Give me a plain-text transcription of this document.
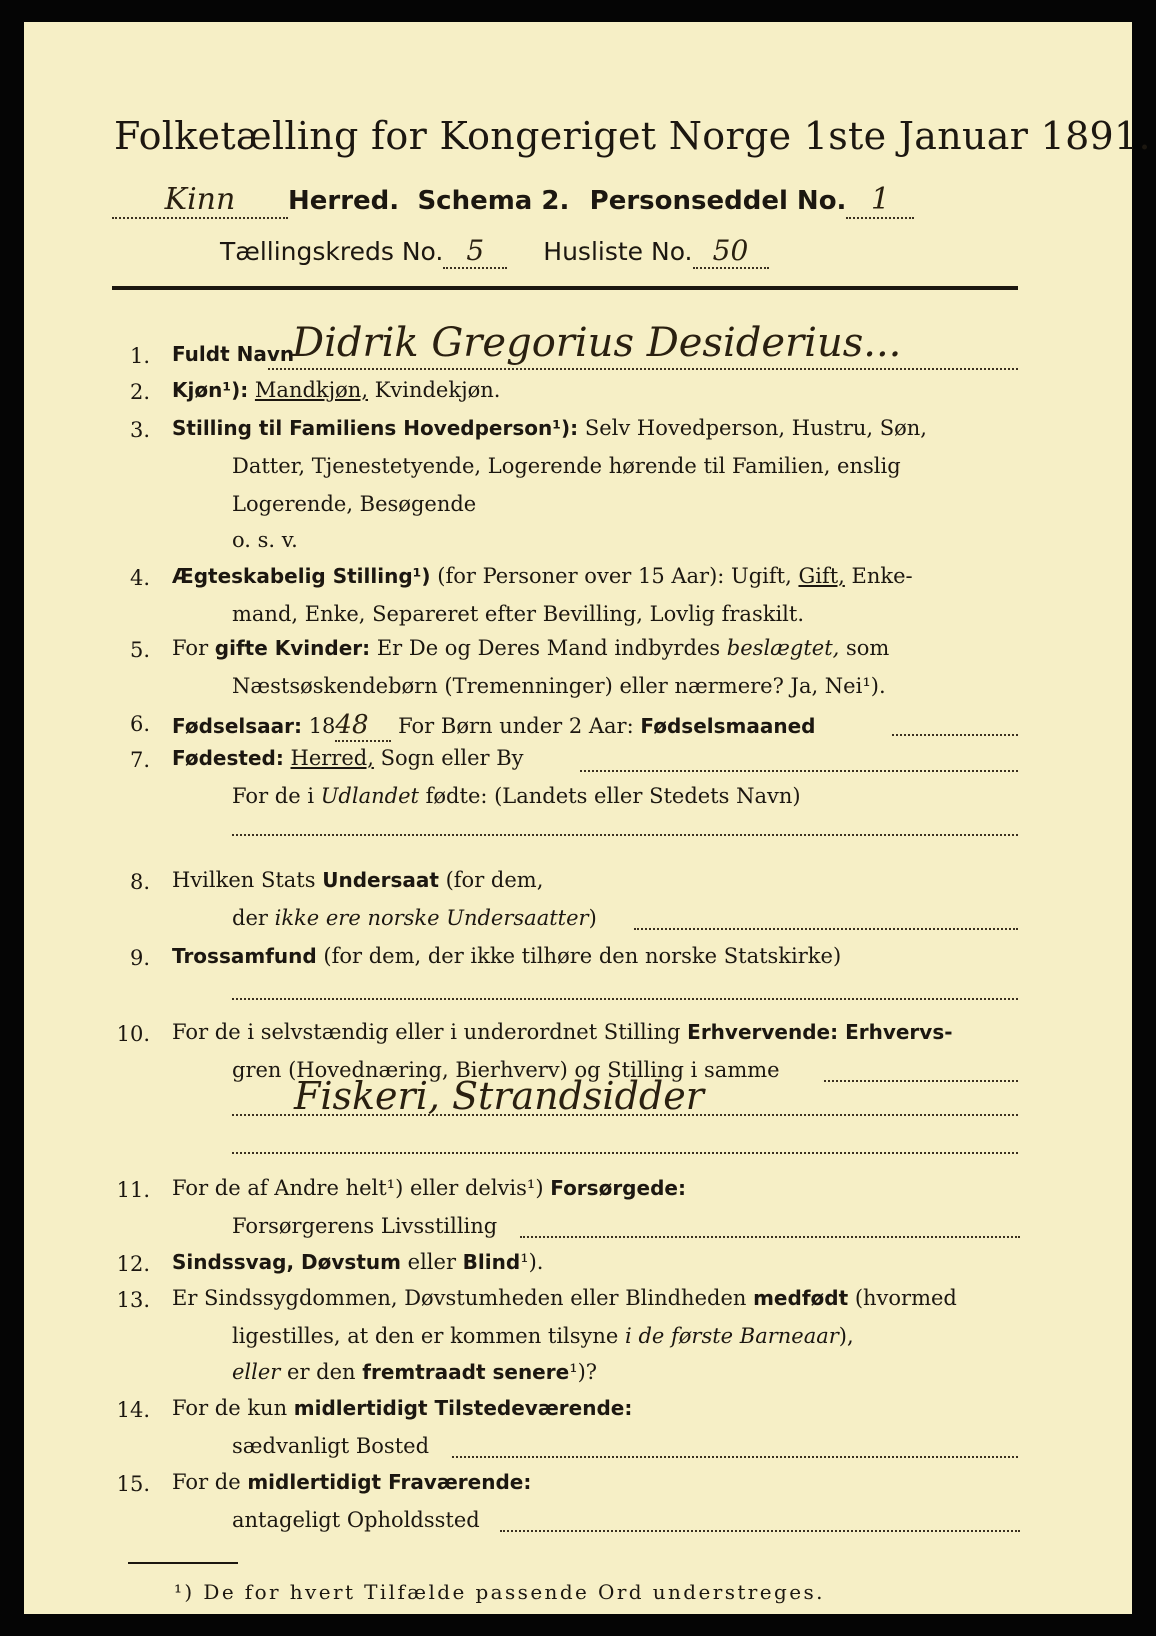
Folketælling for Kongeriget Norge 1ste Januar 1891.
Kinn Herred. Schema 2. Personseddel No. 1
Tællingskreds No. 5 Husliste No. 50
1. Fuldt Navn
Didrik Gregorius Desiderius...
2. Kjøn¹): Mandkjøn, Kvindekjøn.
3. Stilling til Familiens Hovedperson¹): Selv Hovedperson, Hustru, Søn,
Datter, Tjenestetyende, Logerende hørende til Familien, enslig
Logerende, Besøgende
o. s. v.
4. Ægteskabelig Stilling¹) (for Personer over 15 Aar): Ugift, Gift, Enke-
mand, Enke, Separeret efter Bevilling, Lovlig fraskilt.
5. For gifte Kvinder: Er De og Deres Mand indbyrdes beslægtet, som
Næstsøskendebørn (Tremenninger) eller nærmere? Ja, Nei¹).
6. Fødselsaar: 1848 For Børn under 2 Aar: Fødselsmaaned
7. Fødested: Herred, Sogn eller By
For de i Udlandet fødte: (Landets eller Stedets Navn)
8. Hvilken Stats Undersaat (for dem,
der ikke ere norske Undersaatter)
9. Trossamfund (for dem, der ikke tilhøre den norske Statskirke)
10. For de i selvstændig eller i underordnet Stilling Erhvervende: Erhvervs-
gren (Hovednæring, Bierhverv) og Stilling i samme
Fiskeri, Strandsidder
11. For de af Andre helt¹) eller delvis¹) Forsørgede:
Forsørgerens Livsstilling
12. Sindssvag, Døvstum eller Blind¹).
13. Er Sindssygdommen, Døvstumheden eller Blindheden medfødt (hvormed
ligestilles, at den er kommen tilsyne i de første Barneaar),
eller er den fremtraadt senere¹)?
14. For de kun midlertidigt Tilstedeværende:
sædvanligt Bosted
15. For de midlertidigt Fraværende:
antageligt Opholdssted
¹) De for hvert Tilfælde passende Ord understreges.
